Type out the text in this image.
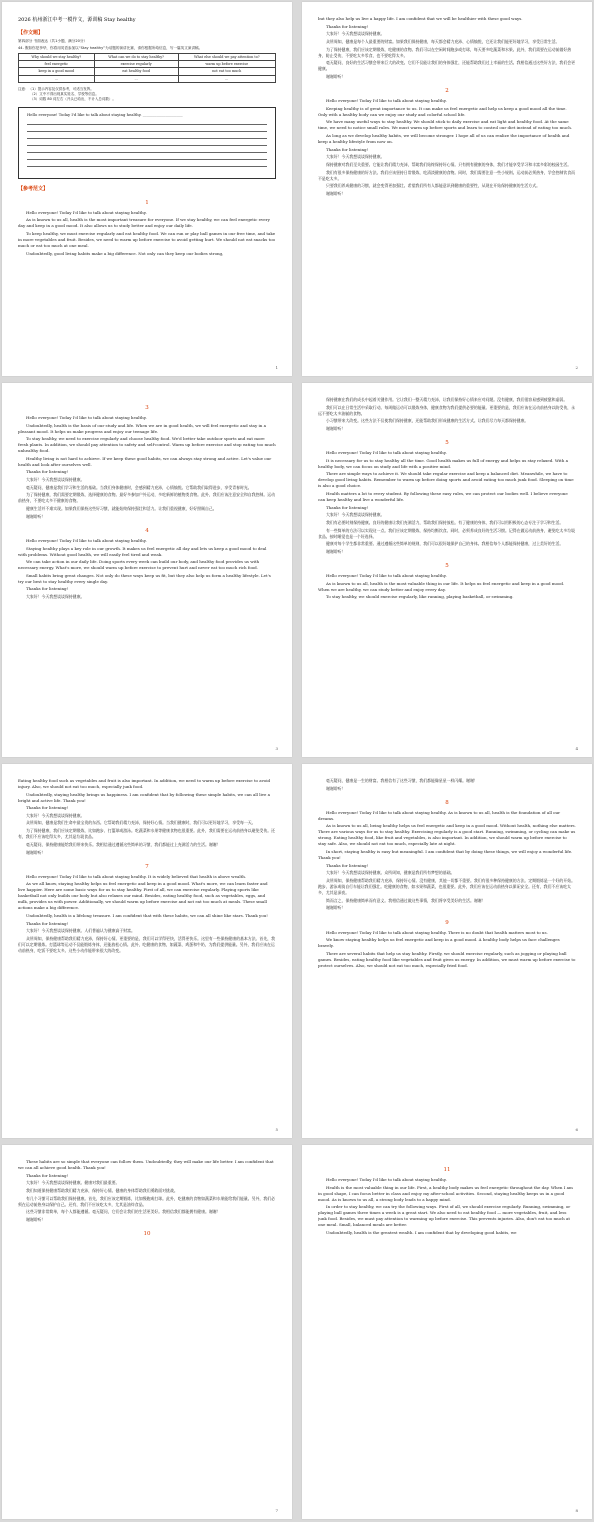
2026 杭州浙江中考一模作文，源训稿 Stay healthy
【作文题】
第四部分 书面表达（共1小题，满分20分）
44. 假如你是李华，你将用英语参加以“Stay healthy”为话题的演讲比赛，请你根据所给信息，写一篇英文演讲稿。
Why should we stay healthy?	What can we do to stay healthy?	What else should we pay attention to?
feel energetic	exercise regularly	warm up before exercise
keep in a good mood	eat healthy food	not eat too much
...	...	...
注意：（1）提示内容及仅供参考，可适当发挥。
（2）文中不得出现真实姓名、学校等信息。
（3）词数 80 词左右（开头已给出，不计入总词数）。
Hello everyone! Today I'd like to talk about staying healthy. _____________________
【参考范文】
1

Hello everyone! Today I'd like to talk about staying healthy.

As is known to us all, health is the most important treasure for everyone. If we stay healthy, we can feel energetic every day and keep in a good mood. It also allows us to study better and enjoy our daily life.

To keep healthy, we must exercise regularly and eat healthy food. We can run or play ball games in our free time, and take in more vegetables and fruit. Besides, we need to warm up before exercise to avoid getting hurt. We should not eat snacks too much or eat too much at one meal.

Undoubtedly, good living habits make a big difference. Not only can they keep our bodies strong,

1

but they also help us live a happy life. I am confident that we will be healthier with these good ways.

Thanks for listening!

大家好！今天我想谈谈保持健康。

众所周知，健康是每个人最重要的财富。如果我们保持健康，每天都会精力充沛、心情愉悦，它还让我们能更好地学习，享受日常生活。

为了保持健康，我们应该定期锻炼，吃健康的食物。我们可以在空闲时间跑步或打球，每天要多吃蔬菜和水果。此外，我们需要在运动前做好热身，防止受伤，不要吃太多零食，也不要吃得太多。

毫无疑问，良好的生活习惯会带来巨大的改变。它们不仅能让我们的身体强壮，还能帮助我们过上幸福的生活。我相信通过这些好方法，我们会更健康。

谢谢聆听！

2

Hello everyone! Today I'd like to talk about staying healthy.

Keeping healthy is of great importance to us. It can make us feel energetic and help us keep a good mood all the time. Only with a healthy body can we enjoy our study and colorful school life.

We have many useful ways to stay healthy. We should stick to daily exercise and eat light and healthy food. At the same time, we need to notice small rules. We must warm up before sports and learn to control our diet instead of eating too much.

As long as we develop healthy habits, we will become stronger. I hope all of us can realize the importance of health and keep a healthy lifestyle from now on.

Thanks for listening!

大家好！今天我想谈谈保持健康。

保持健康对我们至关重要。它能让我们精力充沛，帮助我们始终保持好心情。只有拥有健康的身体，我们才能享受学习和丰富多彩的校园生活。

我们有很多保持健康的好方法。我们应该坚持日常锻炼，吃清淡健康的食物。同时，我们需要注意一些小规则。运动前必须热身，学会控制饮食而不是吃太多。

只要我们养成健康的习惯，就会变得更加强壮。希望我们所有人都能意识到健康的重要性，从现在开始保持健康的生活方式。

谢谢聆听！

2
3

Hello everyone! Today I'd like to talk about staying healthy.

Undoubtedly, health is the basis of our study and life. When we are in good health, we will feel energetic and stay in a pleasant mood. It helps us make progress and enjoy our teenage life.

To stay healthy, we need to exercise regularly and choose healthy food. We'd better take outdoor sports and eat more fresh plants. In addition, we should pay attention to safety and self-control. Warm up before exercise and stop eating too much unhealthy food.

Healthy living is not hard to achieve. If we keep these good habits, we can always stay strong and active. Let's value our health and look after ourselves well.

Thanks for listening!

大家好！今天我想谈谈保持健康。

毫无疑问，健康是我们学习和生活的基础。当我们身体健康时，会感到精力充沛，心情愉悦。它帮助我们取得进步，享受青春时光。

为了保持健康，我们需要定期锻炼，选择健康的食物。最好多参加户外运动，多吃新鲜的植物类食物。此外，我们应该注意安全和自我控制。运动前热身，不要吃太多不健康的食物。

健康生活并不难实现。如果我们保持这些好习惯，就能始终保持强壮和活力。让我们重视健康，好好照顾自己。

谢谢聆听！

4

Hello everyone! Today I'd like to talk about staying healthy.

Staying healthy plays a key role in our growth. It makes us feel energetic all day and lets us keep a good mood to deal with problems. Without good health, we will easily feel tired and weak.

We can take action in our daily life. Doing sports every week can build our body, and healthy food provides us with necessary energy. What's more, we should warm up before exercise to prevent hurt and never eat too much rich food.

Small habits bring great changes. Not only do these ways keep us fit, but they also help us form a healthy lifestyle. Let's try our best to stay healthy every single day.

Thanks for listening!

大家好！今天我想谈谈保持健康。

3

保持健康在我们的成长中起着关键作用。它让我们一整天精力充沛，让我们保持好心情来应对问题。没有健康，我们很容易感到疲惫和虚弱。

我们可以在日常生活中采取行动。每周做运动可以锻炼身体，健康食物为我们提供必要的能量。更重要的是，我们应该在运动前热身以防受伤，永远不要吃太多油腻的食物。

小习惯带来大改变。这些方法不仅使我们保持健康，还能帮助我们形成健康的生活方式。让我们尽力每天都保持健康。

谢谢聆听！

5

Hello everyone! Today I'd like to talk about staying healthy.

It is necessary for us to stay healthy all the time. Good health makes us full of energy and helps us stay relaxed. With a healthy body, we can focus on study and life with a positive mind.

There are simple ways to achieve it. We should take regular exercise and keep a balanced diet. Meanwhile, we have to develop good living habits. Remember to warm up before doing sports and avoid eating too much junk food. Sleeping on time is also a good choice.

Health matters a lot to every student. By following these easy rules, we can protect our bodies well. I believe everyone can keep healthy and live a wonderful life.

Thanks for listening!

大家好！今天我想谈谈保持健康。

我们有必要时刻保持健康。良好的健康让我们充满活力，帮助我们保持放松。有了健康的身体，我们可以用积极的心态专注于学习和生活。

有一些简单的方法可以实现这一点。我们应该定期锻炼，保持均衡饮食。同时，必须养成良好的生活习惯。记得在做运动前热身，避免吃太多垃圾食品。按时睡觉也是一个好选择。

健康对每个学生都非常重要。通过遵循这些简单的规则，我们可以很好地保护自己的身体。我相信每个人都能保持健康，过上美好的生活。

谢谢聆听！

5

Hello everyone! Today I'd like to talk about staying healthy.

As is known to us all, health is the most valuable thing in our life. It helps us feel energetic and keep in a good mood. When we are healthy, we can study better and enjoy every day.

To stay healthy, we should exercise regularly, like running, playing basketball, or swimming.

4

Eating healthy food such as vegetables and fruit is also important. In addition, we need to warm up before exercise to avoid injury. Also, we should not eat too much, especially junk food.

Undoubtedly, staying healthy brings us happiness. I am confident that by following these simple habits, we can all live a bright and active life. Thank you!

Thanks for listening!

大家好！今天我想谈谈保持健康。

众所周知，健康是我们生命中最宝贵的东西。它帮助我们精力充沛，保持好心情。当我们健康时，我们可以更好地学习，享受每一天。

为了保持健康，我们应该定期锻炼，比如跑步、打篮球或游泳。吃蔬菜和水果等健康食物也很重要。此外，我们需要在运动前热身以避免受伤。还有，我们不应该吃得太多，尤其是垃圾食品。

毫无疑问，保持健康能给我们带来快乐。我相信通过遵循这些简单的习惯，我们都能过上充满活力的生活。谢谢！

谢谢聆听！

7

Hello everyone! Today I'd like to talk about staying healthy. It is widely believed that health is above wealth.

As we all know, staying healthy helps us feel energetic and keep in a good mood. What's more, we can learn faster and live happier. Here are some basic ways for us to stay healthy. First of all, we can exercise regularly. Playing sports like basketball not only builds our body but also relaxes our mind. Besides, eating healthy food, such as vegetables, eggs, and milk, provides us with power. Additionally, we should warm up before exercise and not eat too much at meals. These small actions make a big difference.

Undoubtedly, health is a lifelong treasure. I am confident that with these habits, we can all shine like stars. Thank you!

Thanks for listening!

大家好！今天我想谈谈保持健康。人们普遍认为健康高于财富。

众所周知，保持健康帮助我们精力充沛，保持好心情。更重要的是，我们可以学得更快，活得更快乐。这里有一些保持健康的基本方法。首先，我们可以定期锻炼。打篮球等运动不仅能锻炼身体，还能放松心情。此外，吃健康的食物，如蔬菜、鸡蛋和牛奶，为我们提供能量。另外，我们应该在运动前热身，吃饭不要吃太多。这些小动作能带来很大的改变。

5

毫无疑问，健康是一生的财富。我相信有了这些习惯，我们都能像星星一样闪耀。谢谢！

谢谢聆听！

8

Hello everyone! Today I'd like to talk about staying healthy. As is known to us all, health is the foundation of all our dreams.

As is known to us all, being healthy helps us feel energetic and keep in a good mood. Without health, nothing else matters. There are various ways for us to stay healthy. Exercising regularly is a good start. Running, swimming, or cycling can make us strong. Eating healthy food, like fruit and vegetables, is also important. In addition, we should warm up before exercise to stay safe. Also, we should not eat too much, especially late at night.

In short, staying healthy is easy but meaningful. I am confident that by doing these things, we will enjoy a wonderful life. Thank you!

Thanks for listening!

大家好！今天我想谈谈保持健康。众所周知，健康是我们所有梦想的基础。

众所周知，保持健康帮助我们精力充沛，保持好心情。没有健康，其他一切都不重要。我们有很多种保持健康的方法。定期锻炼是一个好的开始。跑步、游泳或骑自行车能让我们强壮。吃健康的食物，如水果和蔬菜，也很重要。此外，我们应该在运动前热身以保证安全。还有，我们不应该吃太多，尤其是深夜。

简而言之，保持健康简单而有意义。我相信通过做这些事情，我们将享受美好的生活。谢谢！

谢谢聆听！

9

Hello everyone! Today I'd like to talk about staying healthy. There is no doubt that health matters most to us.

We know staying healthy helps us feel energetic and keep in a good mood. A healthy body helps us face challenges bravely.

There are several habits that help us stay healthy. Firstly, we should exercise regularly, such as jogging or playing ball games. Besides, eating healthy food like vegetables and fruit gives us energy. In addition, we must warm up before exercise to protect ourselves. Also, we should not eat too much, especially fried food.

6

These habits are so simple that everyone can follow them. Undoubtedly, they will make our life better. I am confident that we can all achieve good health. Thank you!

Thanks for listening!

大家好！今天我想谈谈保持健康。健康对我们最重要。

我们知道保持健康帮助我们精力充沛，保持好心情。健康的身体帮助我们勇敢面对挑战。

有几个习惯可以帮助我们保持健康。首先，我们应该定期锻炼，比如慢跑或打球。此外，吃健康的食物如蔬菜和水果能给我们能量。另外，我们必须在运动前热身以保护自己。还有，我们不应该吃太多，尤其是油炸食品。

这些习惯非常简单，每个人都能遵循。毫无疑问，它们会让我们的生活更美好。我相信我们都能拥有健康。谢谢！

谢谢聆听！

10
7
11

Hello everyone! Today I'd like to talk about staying healthy.

Health is the most valuable thing in our life. First, a healthy body makes us feel energetic throughout the day. When I am in good shape, I can focus better in class and enjoy my after-school activities. Second, staying healthy keeps us in a good mood. As is known to us all, a strong body leads to a happy mind.

In order to stay healthy, we can try the following ways. First of all, we should exercise regularly. Running, swimming, or playing ball games three times a week is a great start. We also need to eat healthy food — more vegetables, fruit, and less junk food. Besides, we must pay attention to warming up before exercise. This prevents injuries. Also, don't eat too much at one meal. Small, balanced meals are better.

Undoubtedly, health is the greatest wealth. I am confident that by developing good habits, we

8
